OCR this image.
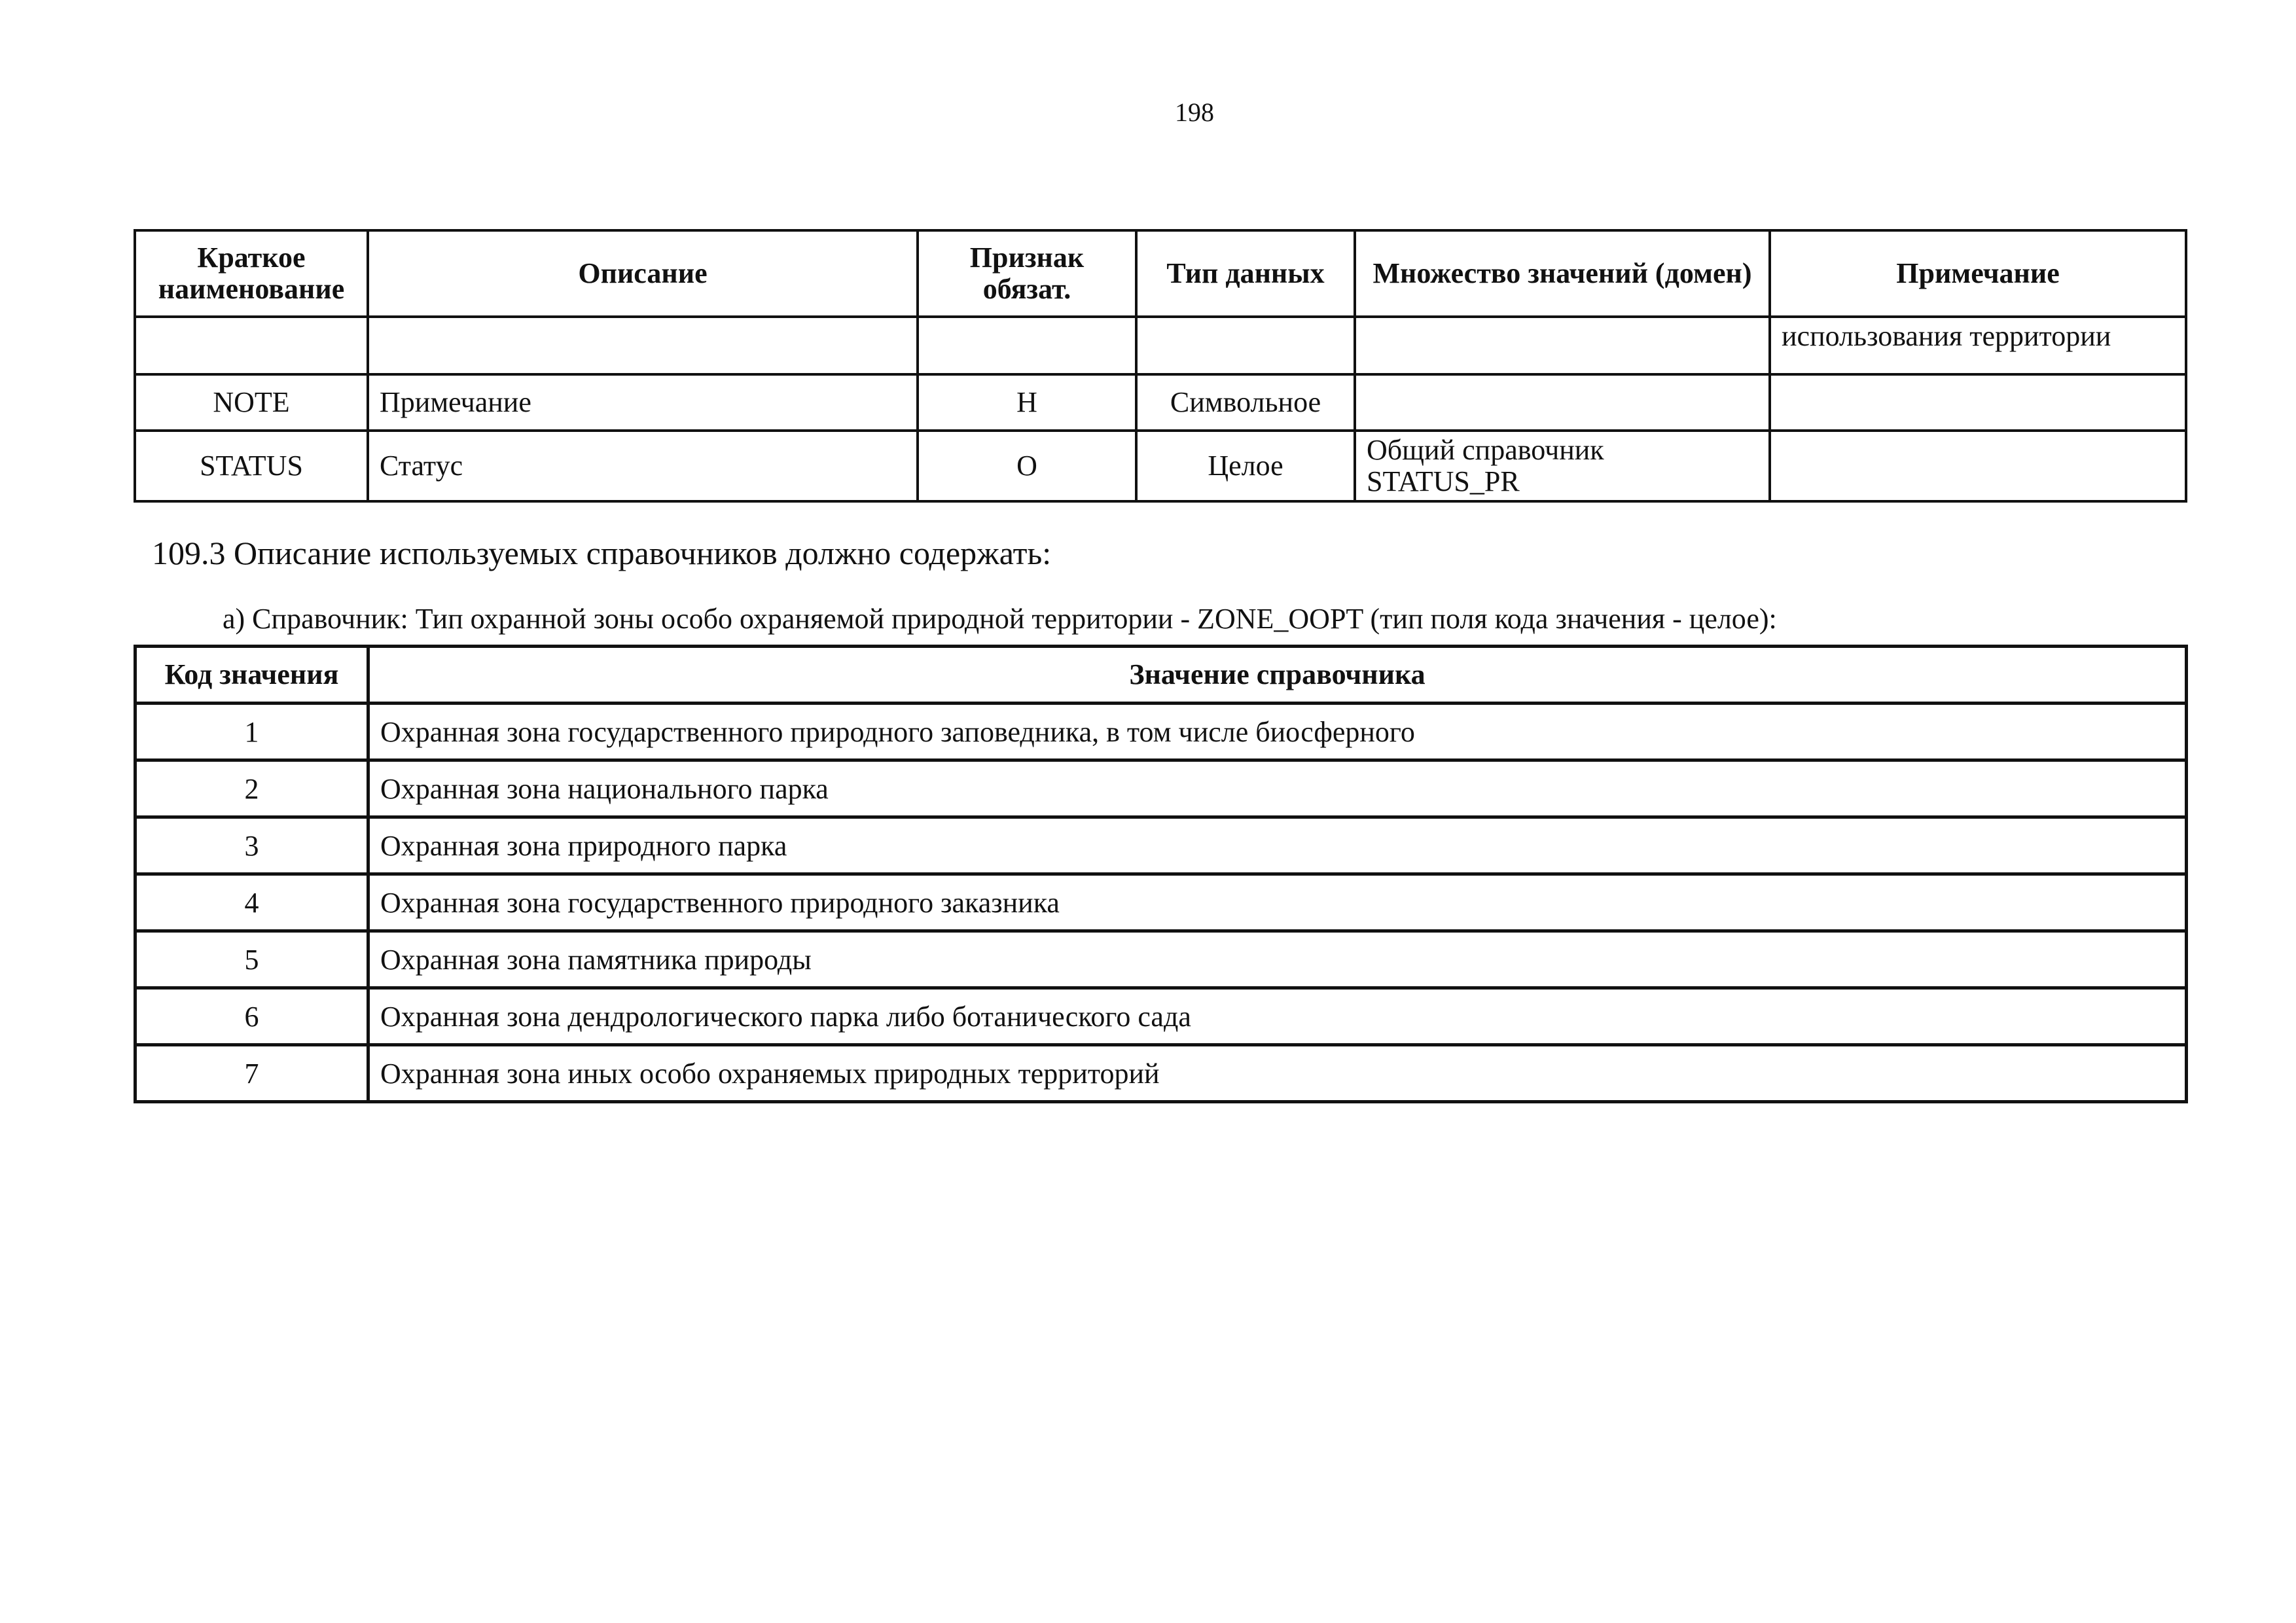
198
Краткое наименование	Описание	Признак обязат.	Тип данных	Множество значений (домен)	Примечание
					использования территории
NOTE	Примечание	Н	Символьное		
STATUS	Статус	О	Целое	Общий справочник STATUS_PR	
109.3 Описание используемых справочников должно содержать:
а) Справочник: Тип охранной зоны особо охраняемой природной территории - ZONE_OOPT (тип поля кода значения - целое):
Код значения	Значение справочника
1	Охранная зона государственного природного заповедника, в том числе биосферного
2	Охранная зона национального парка
3	Охранная зона природного парка
4	Охранная зона государственного природного заказника
5	Охранная зона памятника природы
6	Охранная зона дендрологического парка либо ботанического сада
7	Охранная зона иных особо охраняемых природных территорий
